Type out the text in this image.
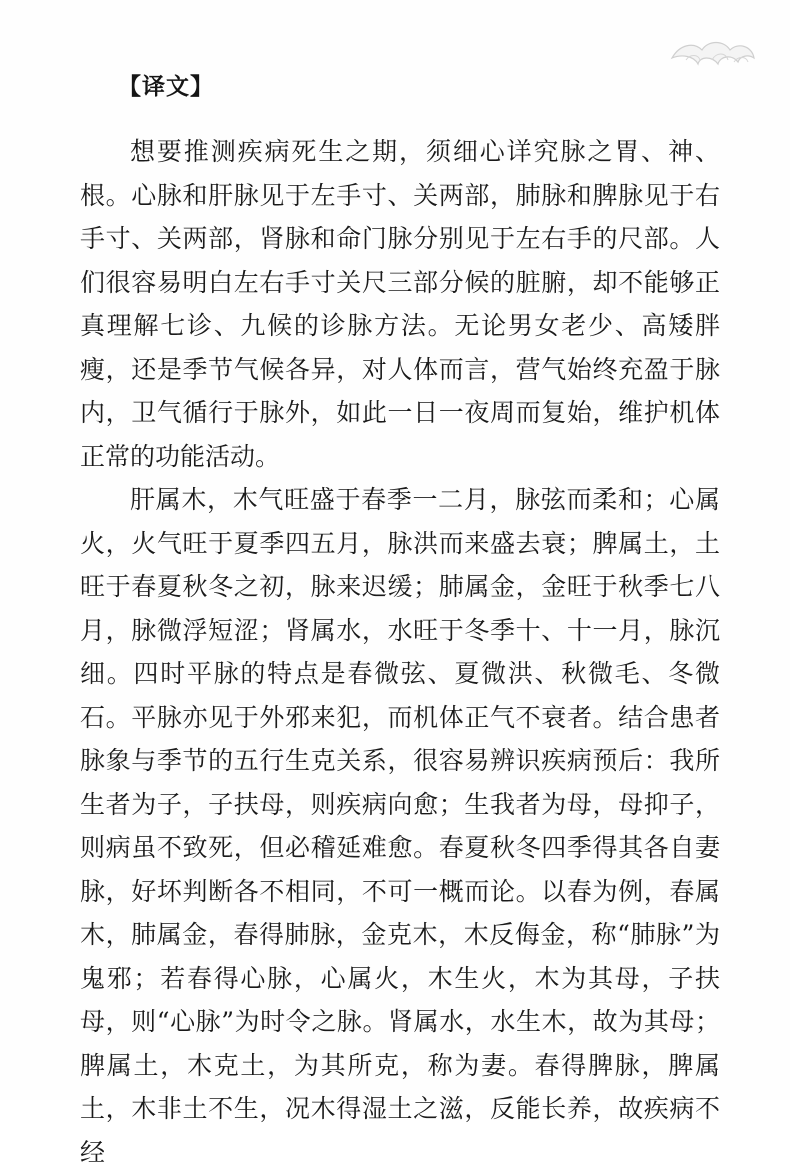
【译文】

想要推测疾病死生之期，须细心详究脉之胃、神、根。心脉和肝脉见于左手寸、关两部，肺脉和脾脉见于右手寸、关两部，肾脉和命门脉分别见于左右手的尺部。人们很容易明白左右手寸关尺三部分候的脏腑，却不能够正真理解七诊、九候的诊脉方法。无论男女老少、高矮胖瘦，还是季节气候各异，对人体而言，营气始终充盈于脉内，卫气循行于脉外，如此一日一夜周而复始，维护机体正常的功能活动。

肝属木，木气旺盛于春季一二月，脉弦而柔和；心属火，火气旺于夏季四五月，脉洪而来盛去衰；脾属土，土旺于春夏秋冬之初，脉来迟缓；肺属金，金旺于秋季七八月，脉微浮短涩；肾属水，水旺于冬季十、十一月，脉沉细。四时平脉的特点是春微弦、夏微洪、秋微毛、冬微石。平脉亦见于外邪来犯，而机体正气不衰者。结合患者脉象与季节的五行生克关系，很容易辨识疾病预后：我所生者为子，子扶母，则疾病向愈；生我者为母，母抑子，则病虽不致死，但必稽延难愈。春夏秋冬四季得其各自妻脉，好坏判断各不相同，不可一概而论。以春为例，春属木，肺属金，春得肺脉，金克木，木反侮金，称“肺脉”为鬼邪；若春得心脉，心属火，木生火，木为其母，子扶母，则“心脉”为时令之脉。肾属水，水生木，故为其母；脾属土，木克土，为其所克，称为妻。春得脾脉，脾属土，木非土不生，况木得湿土之滋，反能长养，故疾病不经
